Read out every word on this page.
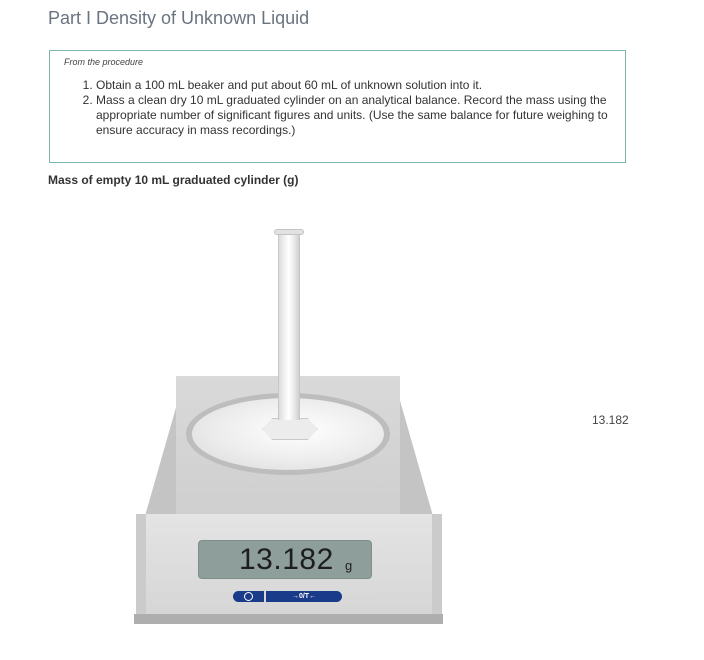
Part I Density of Unknown Liquid
From the procedure
1. Obtain a 100 mL beaker and put about 60 mL of unknown solution into it.
2. Mass a clean dry 10 mL graduated cylinder on an analytical balance. Record the mass using the appropriate number of significant figures and units. (Use the same balance for future weighing to ensure accuracy in mass recordings.)
Mass of empty 10 mL graduated cylinder (g)
13.182 g
→0/T←
13.182
